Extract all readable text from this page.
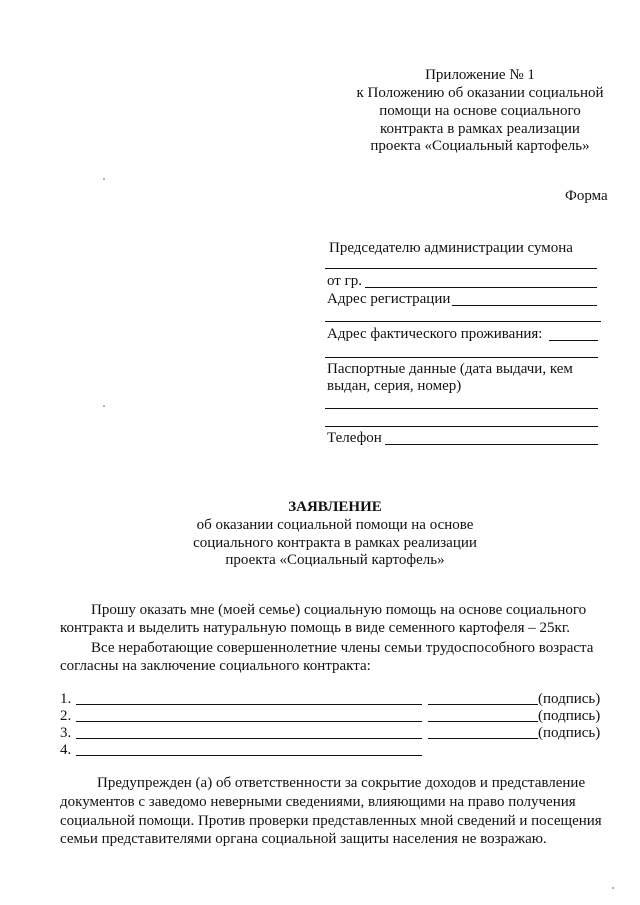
Приложение № 1
к Положению об оказании социальной
помощи на основе социального
контракта в рамках реализации
проекта «Социальный картофель»
Форма
Председателю администрации сумона
от гр.
Адрес регистрации
Адрес фактического проживания:
Паспортные данные (дата выдачи, кем
выдан, серия, номер)
Телефон
ЗАЯВЛЕНИЕ
об оказании социальной помощи на основе
социального контракта в рамках реализации
проекта «Социальный картофель»
Прошу оказать мне (моей семье) социальную помощь на основе социального
контракта и выделить натуральную помощь в виде семенного картофеля – 25кг.
Все неработающие совершеннолетние члены семьи трудоспособного возраста
согласны на заключение социального контракта:
1.	(подпись)
2.	(подпись)
3.	(подпись)
4.
Предупрежден (а) об ответственности за сокрытие доходов и представление
документов с заведомо неверными сведениями, влияющими на право получения
социальной помощи. Против проверки представленных мной сведений и посещения
семьи представителями органа социальной защиты населения не возражаю.
